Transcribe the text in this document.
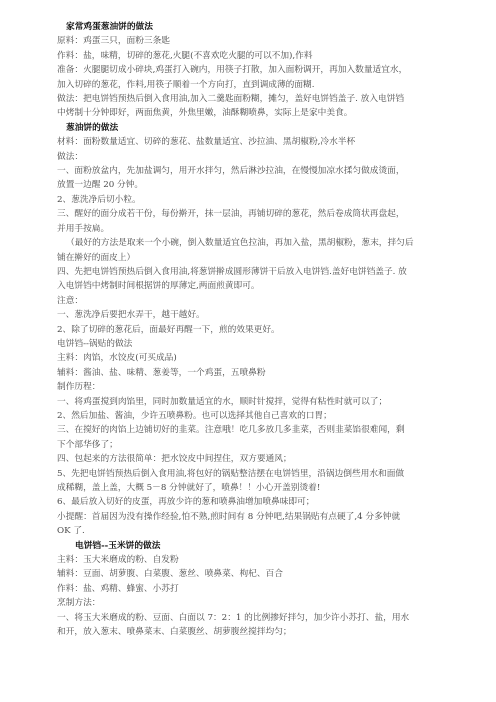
家常鸡蛋葱油饼的做法
原料：鸡蛋三只，面粉三条匙
作料：盐，味精，切碎的葱花,火腿(不喜欢吃火腿的可以不加),作料
准备：火腿腿切成小碎块,鸡蛋打入碗内，用筷子打散，加入面粉调开，再加入数量适宜水，
加入切碎的葱花，作料,用筷子顺着一个方向打，直到调成薄的面糊.
做法：把电饼铛预热后倒入食用油,加入二羹匙面粉糊，摊匀，盖好电饼铛盖子. 放入电饼铛
中烤制十分钟即好，两面焦黄，外焦里嫩，油酥糊喷鼻，实际上是家中美食。
葱油饼的做法
材料：面粉数量适宜、切碎的葱花、盐数量适宜、沙拉油、黑胡椒粉,冷水半杯
做法：
一、面粉放盆内，先加盐调匀，用开水拌匀，然后淋沙拉油，在慢慢加凉水揉匀做成烫面，
放置一边醒 20 分钟。
2、葱洗净后切小粒。
三、醒好的面分成若干份，每份擀开，抹一层油，再铺切碎的葱花，然后卷成筒状再盘起，
并用手按扁。
（最好的方法是取来一个小碗，倒入数量适宜色拉油，再加入盐，黑胡椒粉，葱末，拌匀后
铺在擀好的面皮上）
四、先把电饼铛预热后倒入食用油,将葱饼擀成圆形薄饼干后放入电饼铛.盖好电饼铛盖子. 放
入电饼铛中烤制时间根据饼的厚薄定,两面煎黄即可。
注意：
一、葱洗净后要把水弄干，越干越好。
2、除了切碎的葱花后，面最好再醒一下，煎的效果更好。
电饼铛--锅贴的做法
主料：肉馅，水饺皮(可买成品)
辅料：酱油、盐、味精、葱姜等，一个鸡蛋，五喷鼻粉
制作历程：
一、将鸡蛋搅到肉馅里，同时加数量适宜的水，顺时针搅拌，觉得有粘性时就可以了；
2、然后加盐、酱油，少许五喷鼻粉。也可以选择其他自己喜欢的口胃；
三、在搅好的肉馅上边铺切好的韭菜。注意哦！吃几多放几多韭菜，否则韭菜馅很难闻，剩
下个部华侈了；
四、包起来的方法很简单：把水饺皮中间捏住，双方要通风；
5、先把电饼铛预热后倒入食用油,将包好的锅贴整洁摆在电饼铛里，沿锅边倒些用水和面做
成稀糊，盖上盖，大概 5－8 分钟就好了，喷鼻！！小心开盖别烫着!
6、最后放入切好的皮蛋，再放少许的葱和喷鼻油增加喷鼻味即可；
小提醒：首届因为没有操作经验,怕不熟,煎时间有 8 分钟吧,结果锅贴有点硬了,4 分多钟就
OK 了.
电饼铛--玉米饼的做法
主料：玉大米磨成的粉、自发粉
辅料：豆面、胡萝腹、白菜腹、葱丝、喷鼻菜、枸杞、百合
作料：盐、鸡精、蜂蜜、小苏打
烹制方法：
一、将玉大米磨成的粉、豆面、白面以 7：2：1 的比例掺好拌匀，加少许小苏打、盐，用水
和开，放入葱末、喷鼻菜末、白菜腹丝、胡萝腹丝搅拌均匀；
